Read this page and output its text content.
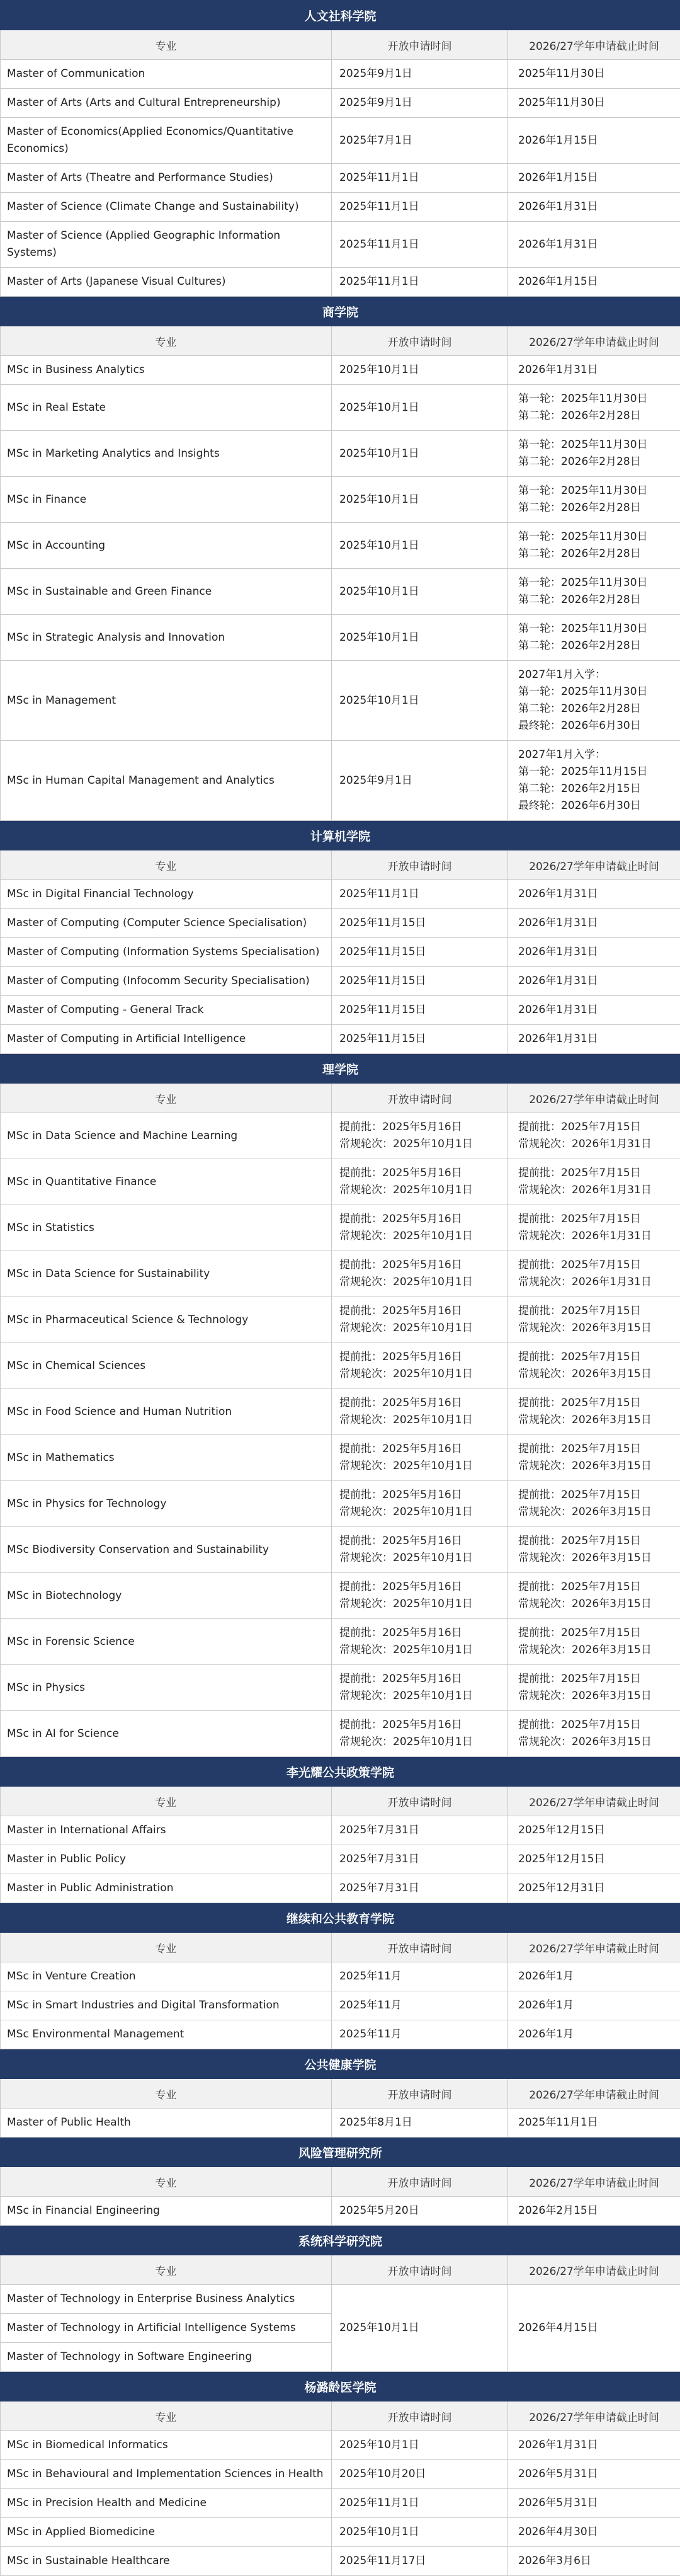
人文社科学院		
专业	开放申请时间	2026/27学年申请截止时间
Master of Communication	2025年9月1日	2025年11月30日

Master of Arts (Arts and Cultural Entrepreneurship)	2025年9月1日	2025年11月30日

Master of Economics(Applied Economics/Quantitative Economics)	2025年7月1日	2026年1月15日

Master of Arts (Theatre and Performance Studies)	2025年11月1日	2026年1月15日

Master of Science (Climate Change and Sustainability)	2025年11月1日	2026年1月31日

Master of Science (Applied Geographic Information Systems)	2025年11月1日	2026年1月31日

Master of Arts (Japanese Visual Cultures)	2025年11月1日	2026年1月15日

商学院		
专业	开放申请时间	2026/27学年申请截止时间
MSc in Business Analytics	2025年10月1日	2026年1月31日

MSc in Real Estate	2025年10月1日	第一轮：2025年11月30日
第二轮：2026年2月28日

MSc in Marketing Analytics and Insights	2025年10月1日	第一轮：2025年11月30日
第二轮：2026年2月28日

MSc in Finance	2025年10月1日	第一轮：2025年11月30日
第二轮：2026年2月28日

MSc in Accounting	2025年10月1日	第一轮：2025年11月30日
第二轮：2026年2月28日

MSc in Sustainable and Green Finance	2025年10月1日	第一轮：2025年11月30日
第二轮：2026年2月28日

MSc in Strategic Analysis and Innovation	2025年10月1日	第一轮：2025年11月30日
第二轮：2026年2月28日

MSc in Management	2025年10月1日	2027年1月入学：
第一轮：2025年11月30日
第二轮：2026年2月28日
最终轮：2026年6月30日

MSc in Human Capital Management and Analytics	2025年9月1日	2027年1月入学：
第一轮：2025年11月15日
第二轮：2026年2月15日
最终轮：2026年6月30日

计算机学院		
专业	开放申请时间	2026/27学年申请截止时间
MSc in Digital Financial Technology	2025年11月1日	2026年1月31日

Master of Computing (Computer Science Specialisation)	2025年11月15日	2026年1月31日

Master of Computing (Information Systems Specialisation)	2025年11月15日	2026年1月31日

Master of Computing (Infocomm Security Specialisation)	2025年11月15日	2026年1月31日

Master of Computing - General Track	2025年11月15日	2026年1月31日

Master of Computing in Artificial Intelligence	2025年11月15日	2026年1月31日

理学院		
专业	开放申请时间	2026/27学年申请截止时间
MSc in Data Science and Machine Learning	提前批：2025年5月16日
常规轮次：2025年10月1日	提前批：2025年7月15日
常规轮次：2026年1月31日

MSc in Quantitative Finance	提前批：2025年5月16日
常规轮次：2025年10月1日	提前批：2025年7月15日
常规轮次：2026年1月31日

MSc in Statistics	提前批：2025年5月16日
常规轮次：2025年10月1日	提前批：2025年7月15日
常规轮次：2026年1月31日

MSc in Data Science for Sustainability	提前批：2025年5月16日
常规轮次：2025年10月1日	提前批：2025年7月15日
常规轮次：2026年1月31日

MSc in Pharmaceutical Science & Technology	提前批：2025年5月16日
常规轮次：2025年10月1日	提前批：2025年7月15日
常规轮次：2026年3月15日

MSc in Chemical Sciences	提前批：2025年5月16日
常规轮次：2025年10月1日	提前批：2025年7月15日
常规轮次：2026年3月15日

MSc in Food Science and Human Nutrition	提前批：2025年5月16日
常规轮次：2025年10月1日	提前批：2025年7月15日
常规轮次：2026年3月15日

MSc in Mathematics	提前批：2025年5月16日
常规轮次：2025年10月1日	提前批：2025年7月15日
常规轮次：2026年3月15日

MSc in Physics for Technology	提前批：2025年5月16日
常规轮次：2025年10月1日	提前批：2025年7月15日
常规轮次：2026年3月15日

MSc Biodiversity Conservation and Sustainability	提前批：2025年5月16日
常规轮次：2025年10月1日	提前批：2025年7月15日
常规轮次：2026年3月15日

MSc in Biotechnology	提前批：2025年5月16日
常规轮次：2025年10月1日	提前批：2025年7月15日
常规轮次：2026年3月15日

MSc in Forensic Science	提前批：2025年5月16日
常规轮次：2025年10月1日	提前批：2025年7月15日
常规轮次：2026年3月15日

MSc in Physics	提前批：2025年5月16日
常规轮次：2025年10月1日	提前批：2025年7月15日
常规轮次：2026年3月15日

MSc in AI for Science	提前批：2025年5月16日
常规轮次：2025年10月1日	提前批：2025年7月15日
常规轮次：2026年3月15日

李光耀公共政策学院		
专业	开放申请时间	2026/27学年申请截止时间
Master in International Affairs	2025年7月31日	2025年12月15日

Master in Public Policy	2025年7月31日	2025年12月15日

Master in Public Administration	2025年7月31日	2025年12月31日

继续和公共教育学院		
专业	开放申请时间	2026/27学年申请截止时间
MSc in Venture Creation	2025年11月	2026年1月

MSc in Smart Industries and Digital Transformation	2025年11月	2026年1月

MSc Environmental Management	2025年11月	2026年1月

公共健康学院		
专业	开放申请时间	2026/27学年申请截止时间
Master of Public Health	2025年8月1日	2025年11月1日

风险管理研究所		
专业	开放申请时间	2026/27学年申请截止时间
MSc in Financial Engineering	2025年5月20日	2026年2月15日

系统科学研究院		
专业	开放申请时间	2026/27学年申请截止时间
Master of Technology in Enterprise Business Analytics	2025年10月1日	2026年4月15日

Master of Technology in Artificial Intelligence Systems		
Master of Technology in Software Engineering		
杨潞龄医学院		
专业	开放申请时间	2026/27学年申请截止时间
MSc in Biomedical Informatics	2025年10月1日	2026年1月31日

MSc in Behavioural and Implementation Sciences in Health	2025年10月20日	2026年5月31日

MSc in Precision Health and Medicine	2025年11月1日	2026年5月31日

MSc in Applied Biomedicine	2025年10月1日	2026年4月30日

MSc in Sustainable Healthcare	2025年11月17日	2026年3月6日
